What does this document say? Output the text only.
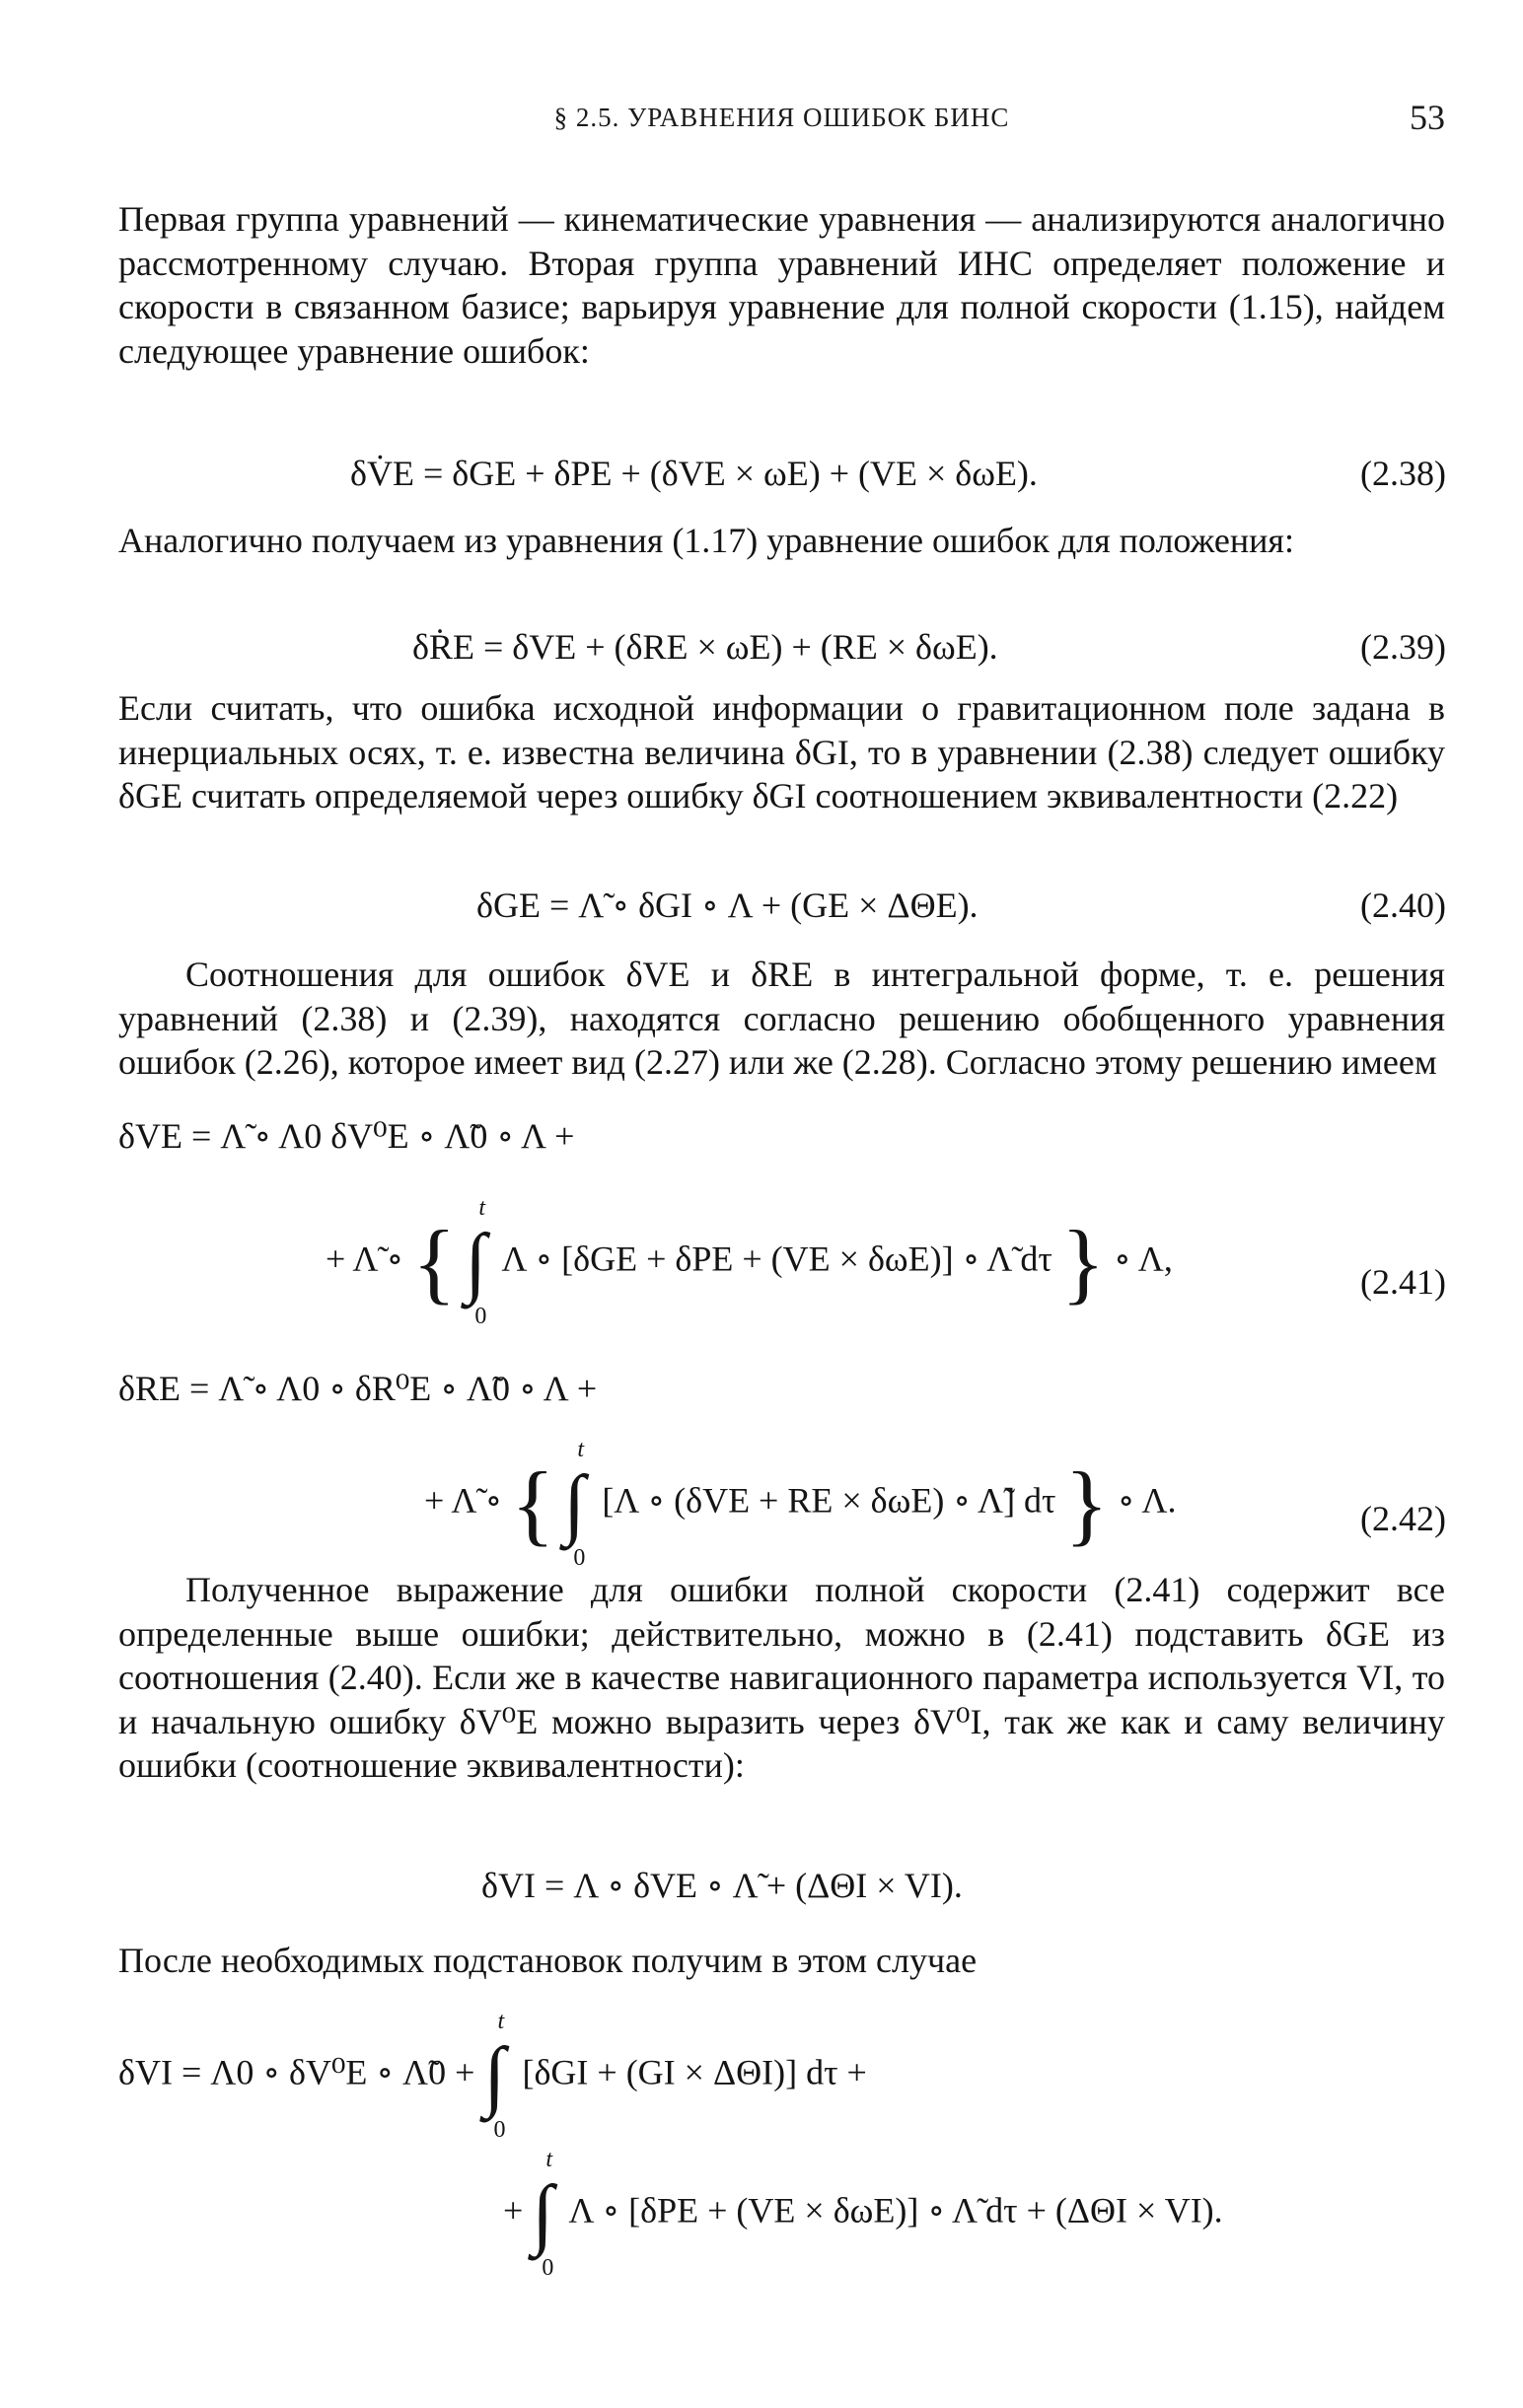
§ 2.5. УРАВНЕНИЯ ОШИБОК БИНС	53

Первая группа уравнений — кинематические уравнения — анализируются аналогично рассмотренному случаю. Вторая группа уравнений ИНС определяет положение и скорости в связанном базисе; варьируя уравнение для полной скорости (1.15), найдем следующее уравнение ошибок:

δV̇E = δGE + δPE + (δVE × ωE) + (VE × δωE).	(2.38)

Аналогично получаем из уравнения (1.17) уравнение ошибок для положения:

δṘE = δVE + (δRE × ωE) + (RE × δωE).	(2.39)

Если считать, что ошибка исходной информации о гравитационном поле задана в инерциальных осях, т. е. известна величина δGI, то в уравнении (2.38) следует ошибку δGE считать определяемой через ошибку δGI соотношением эквивалентности (2.22)

δGE = Λ̃ ∘ δGI ∘ Λ + (GE × ΔΘE).	(2.40)

Соотношения для ошибок δVE и δRE в интегральной форме, т. е. решения уравнений (2.38) и (2.39), находятся согласно решению обобщенного уравнения ошибок (2.26), которое имеет вид (2.27) или же (2.28). Согласно этому решению имеем

δVE = Λ̃ ∘ Λ0 δV⁰E ∘ Λ̃0 ∘ Λ +
+ Λ̃ ∘ { ∫
t
0
Λ ∘ [δGE + δPE + (VE × δωE)] ∘ Λ̃ dτ } ∘ Λ,
(2.41)
δRE = Λ̃ ∘ Λ0 ∘ δR⁰E ∘ Λ̃0 ∘ Λ +
+ Λ̃ ∘ { ∫
t
0
[Λ ∘ (δVE + RE × δωE) ∘ Λ̃] dτ } ∘ Λ.	(2.42)

Полученное выражение для ошибки полной скорости (2.41) содержит все определенные выше ошибки; действительно, можно в (2.41) подставить δGE из соотношения (2.40). Если же в качестве навигационного параметра используется VI, то и начальную ошибку δV⁰E можно выразить через δV⁰I, так же как и саму величину ошибки (соотношение эквивалентности):

δVI = Λ ∘ δVE ∘ Λ̃ + (ΔΘI × VI).

После необходимых подстановок получим в этом случае

δVI = Λ0 ∘ δV⁰E ∘ Λ̃0 + ∫
t
0
[δGI + (GI × ΔΘI)] dτ +
+ ∫
t
0
Λ ∘ [δPE + (VE × δωE)] ∘ Λ̃ dτ + (ΔΘI × VI).
